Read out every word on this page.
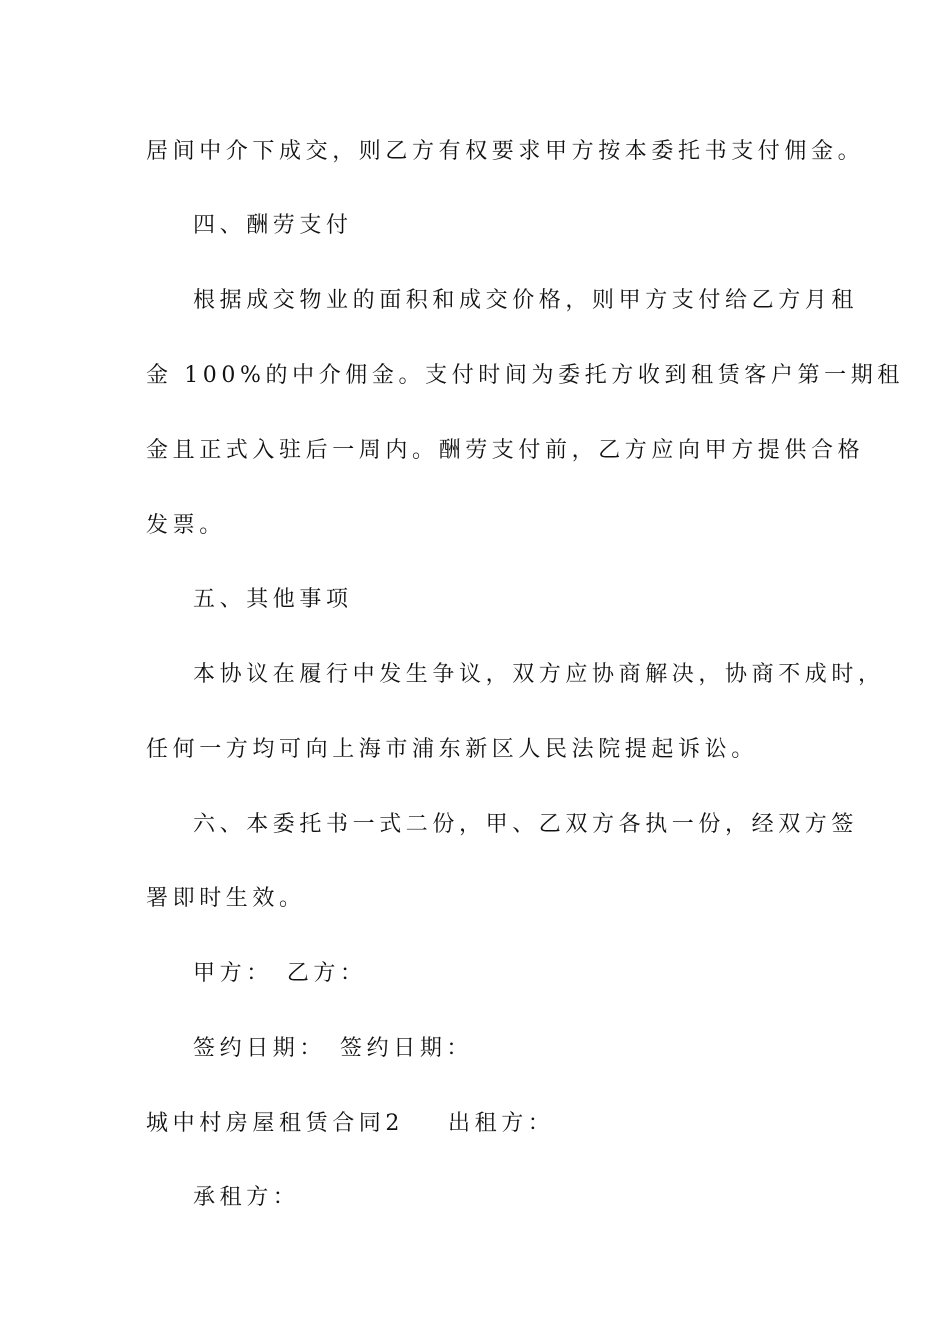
居间中介下成交，则乙方有权要求甲方按本委托书支付佣金。
四、酬劳支付
根据成交物业的面积和成交价格，则甲方支付给乙方月租
金 100%的中介佣金。支付时间为委托方收到租赁客户第一期租
金且正式入驻后一周内。酬劳支付前，乙方应向甲方提供合格
发票。
五、其他事项
本协议在履行中发生争议，双方应协商解决，协商不成时，
任何一方均可向上海市浦东新区人民法院提起诉讼。
六、本委托书一式二份，甲、乙双方各执一份，经双方签
署即时生效。
甲方： 乙方：
签约日期： 签约日期：
城中村房屋租赁合同2 出租方：
承租方：
